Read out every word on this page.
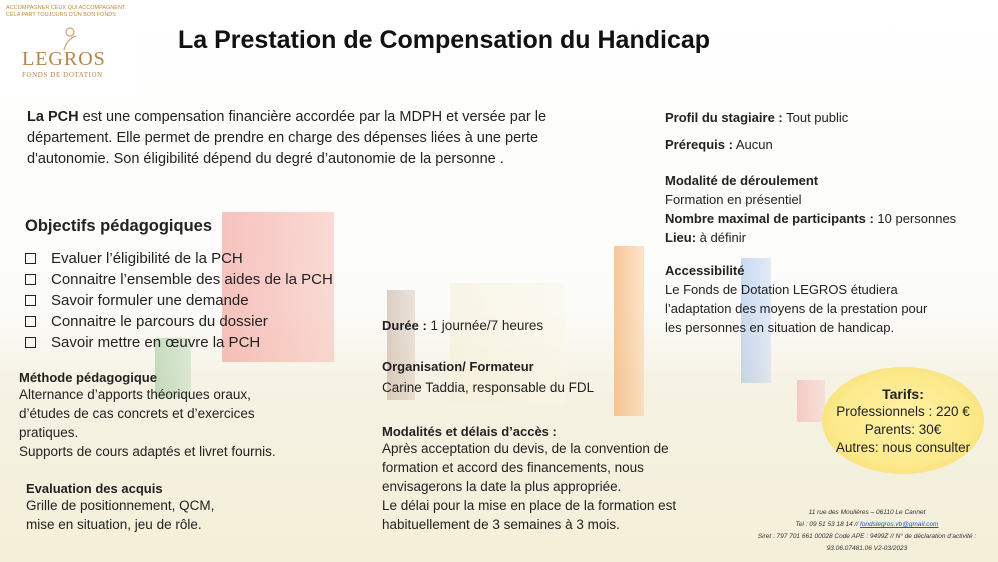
ACCOMPAGNER CEUX QUI ACCOMPAGNENT
CELA PART TOUJOURS D'UN BON FONDS
LEGROS
FONDS DE DOTATION
La Prestation de Compensation du Handicap
La PCH est une compensation financière accordée par la MDPH et versée par le département. Elle permet de prendre en charge des dépenses liées à une perte d'autonomie. Son éligibilité dépend du degré d’autonomie de la personne .
Objectifs pédagogiques
Evaluer l’éligibilité de la PCH
Connaitre l’ensemble des aides de la PCH
Savoir formuler une demande
Connaitre le parcours du dossier
Savoir mettre en œuvre la PCH
Méthode pédagogique
Alternance d’apports théoriques oraux,
d’études de cas concrets et d’exercices
pratiques.
Supports de cours adaptés et livret fournis.
Evaluation des acquis
Grille de positionnement, QCM,
mise en situation, jeu de rôle.
Durée : 1 journée/7 heures
Organisation/ Formateur
Carine Taddia, responsable du FDL
Modalités et délais d’accès :
Après acceptation du devis, de la convention de
formation et accord des financements, nous
envisagerons la date la plus appropriée.
Le délai pour la mise en place de la formation est
habituellement de 3 semaines à 3 mois.
Profil du stagiaire : Tout public
Prérequis : Aucun
Modalité de déroulement
Formation en présentiel
Nombre maximal de participants : 10 personnes
Lieu: à définir
Accessibilité
Le Fonds de Dotation LEGROS étudiera
l’adaptation des moyens de la prestation pour
les personnes en situation de handicap.
Tarifs:
Professionnels : 220 €
Parents: 30€
Autres: nous consulter
11 rue des Moulières – 06110 Le Cannet
Tel : 09 51 53 18 14 // fondslegros.vb@gmail.com
Siret : 797 701 661 00028 Code APE : 9499Z // N° de déclaration d’activité :
93.06.07481.06 V2-03/2023
